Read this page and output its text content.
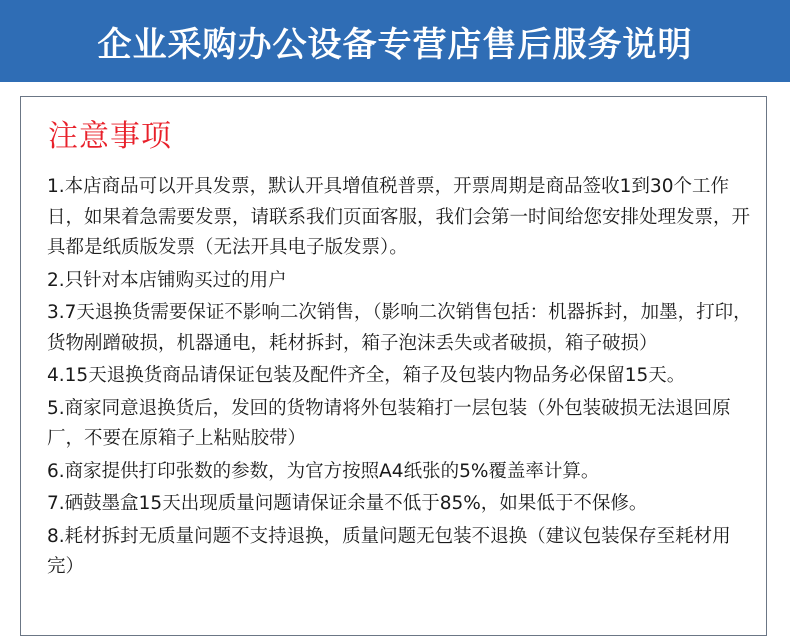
企业采购办公设备专营店售后服务说明
注意事项
1.本店商品可以开具发票，默认开具增值税普票，开票周期是商品签收1到30个工作日，如果着急需要发票，请联系我们页面客服，我们会第一时间给您安排处理发票，开具都是纸质版发票（无法开具电子版发票）。
2.只针对本店铺购买过的用户
3.7天退换货需要保证不影响二次销售，（影响二次销售包括：机器拆封，加墨，打印，货物剐蹭破损，机器通电，耗材拆封，箱子泡沫丢失或者破损，箱子破损）
4.15天退换货商品请保证包装及配件齐全，箱子及包装内物品务必保留15天。
5.商家同意退换货后，发回的货物请将外包装箱打一层包装（外包装破损无法退回原厂，不要在原箱子上粘贴胶带）
6.商家提供打印张数的参数，为官方按照A4纸张的5%覆盖率计算。
7.硒鼓墨盒15天出现质量问题请保证余量不低于85%，如果低于不保修。
8.耗材拆封无质量问题不支持退换，质量问题无包装不退换（建议包装保存至耗材用完）
